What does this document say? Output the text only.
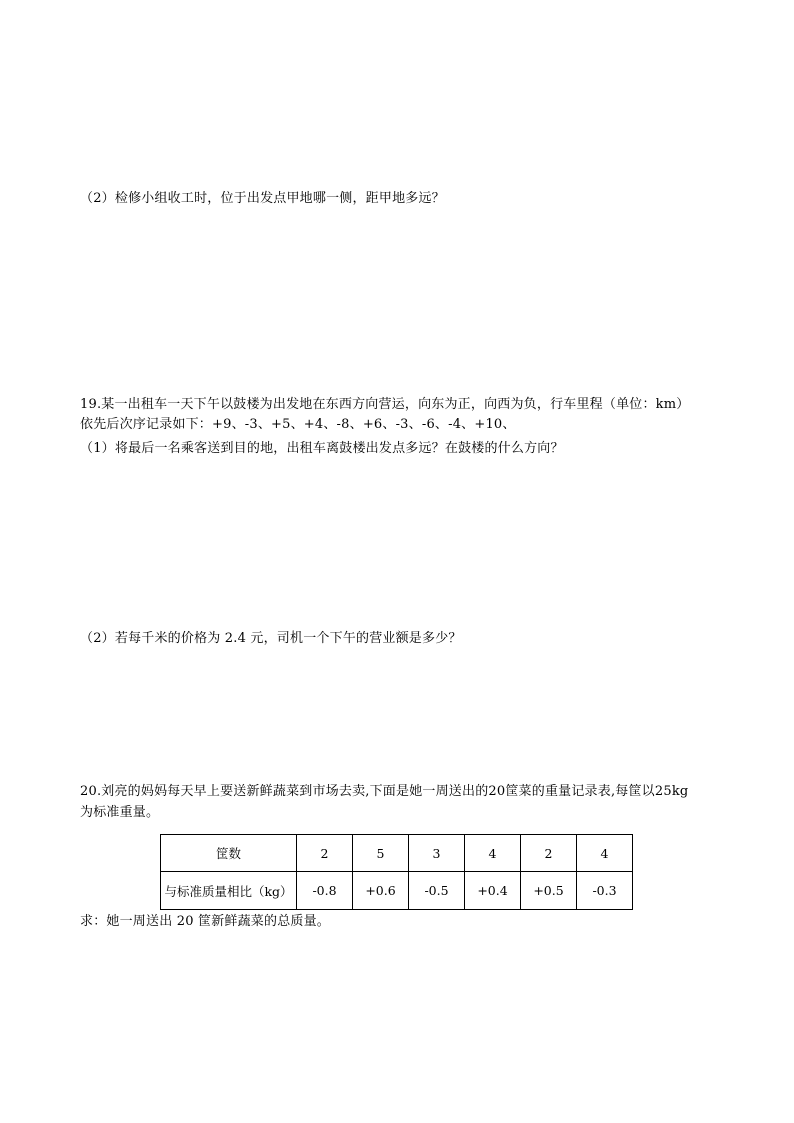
（2）检修小组收工时，位于出发点甲地哪一侧，距甲地多远？
19.某一出租车一天下午以鼓楼为出发地在东西方向营运，向东为正，向西为负，行车里程（单位：km）
依先后次序记录如下：+9、-3、+5、+4、-8、+6、-3、-6、-4、+10、
（1）将最后一名乘客送到目的地，出租车离鼓楼出发点多远？在鼓楼的什么方向？
（2）若每千米的价格为 2.4 元，司机一个下午的营业额是多少？
20.刘亮的妈妈每天早上要送新鲜蔬菜到市场去卖,下面是她一周送出的20筐菜的重量记录表,每筐以25kg
为标准重量。
筐数	2	5	3	4	2	4
与标准质量相比（kg）	-0.8	+0.6	-0.5	+0.4	+0.5	-0.3
求：她一周送出 20 筐新鲜蔬菜的总质量。
